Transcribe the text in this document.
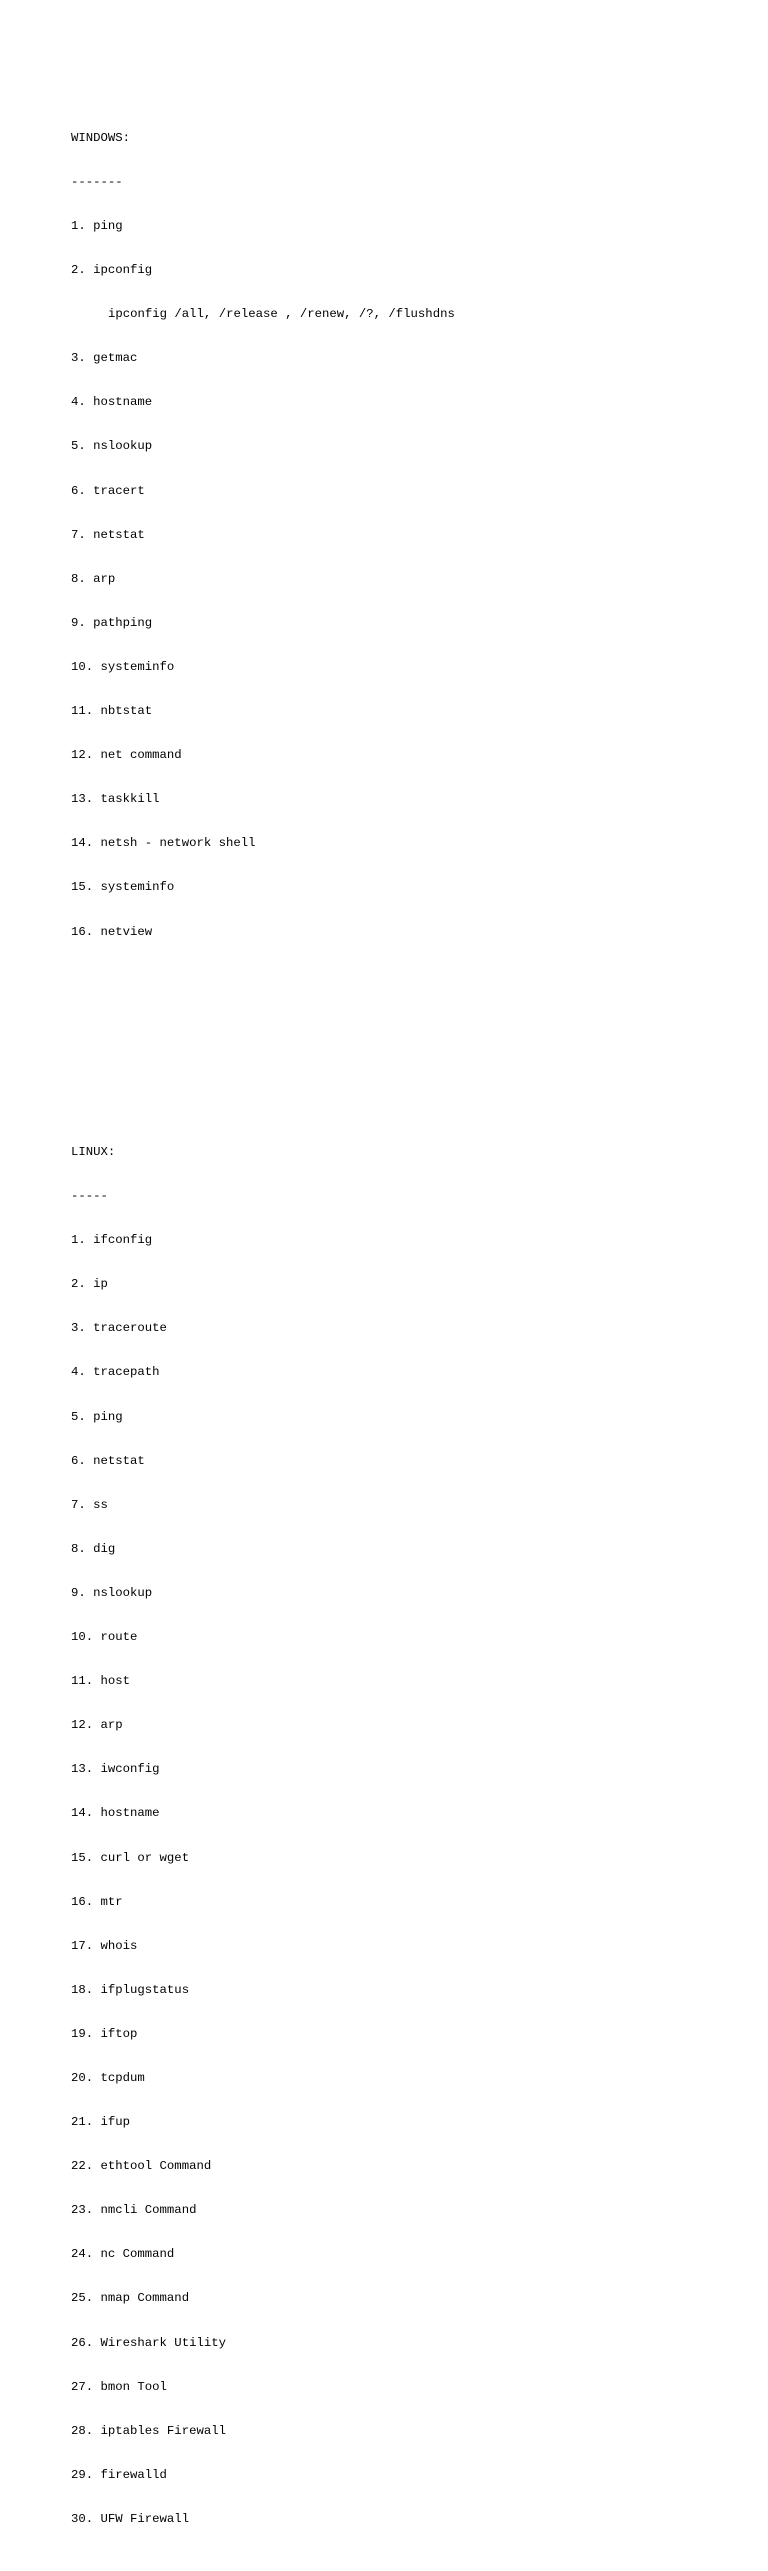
WINDOWS:

-------

1. ping

2. ipconfig

ipconfig /all, /release , /renew, /?, /flushdns

3. getmac

4. hostname

5. nslookup

6. tracert

7. netstat

8. arp

9. pathping

10. systeminfo

11. nbtstat

12. net command

13. taskkill

14. netsh - network shell

15. systeminfo

16. netview

LINUX:

-----

1. ifconfig

2. ip

3. traceroute

4. tracepath

5. ping

6. netstat

7. ss

8. dig

9. nslookup

10. route

11. host

12. arp

13. iwconfig

14. hostname

15. curl or wget

16. mtr

17. whois

18. ifplugstatus

19. iftop

20. tcpdum

21. ifup

22. ethtool Command

23. nmcli Command

24. nc Command

25. nmap Command

26. Wireshark Utility

27. bmon Tool

28. iptables Firewall

29. firewalld

30. UFW Firewall
